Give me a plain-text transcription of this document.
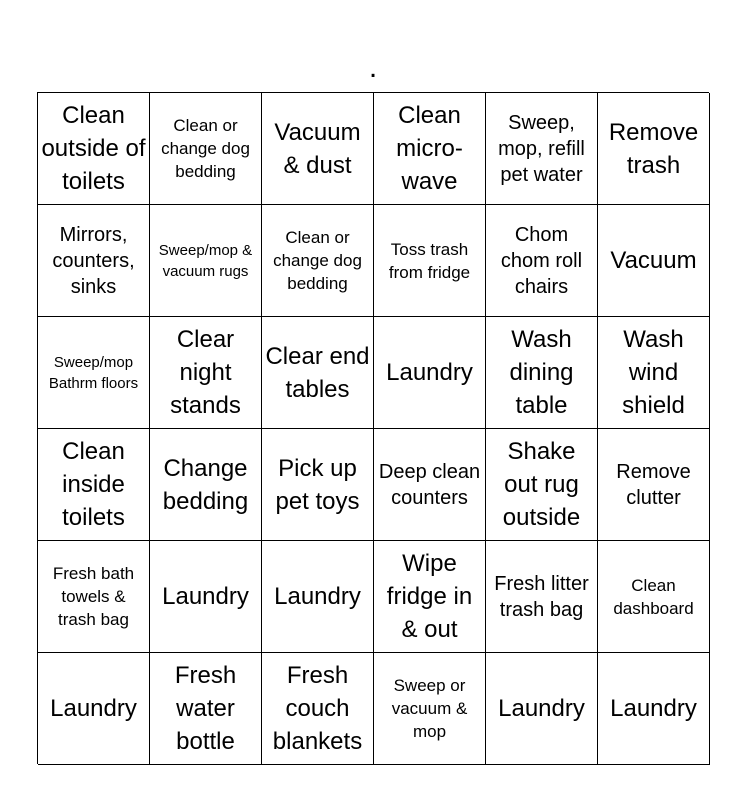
.
Clean outside of toilets
Clean or change dog bedding
Vacuum & dust
Clean micro-wave
Sweep, mop, refill pet water
Remove trash
Mirrors, counters, sinks
Sweep/mop & vacuum rugs
Clean or change dog bedding
Toss trash from fridge
Chom chom roll chairs
Vacuum
Sweep/mop Bathrm floors
Clear night stands
Clear end tables
Laundry
Wash dining table
Wash wind shield
Clean inside toilets
Change bedding
Pick up pet toys
Deep clean counters
Shake out rug outside
Remove clutter
Fresh bath towels & trash bag
Laundry Laundry
Wipe fridge in & out
Fresh litter trash bag
Clean dashboard
Laundry
Fresh water bottle
Fresh couch blankets
Sweep or vacuum & mop
Laundry Laundry
